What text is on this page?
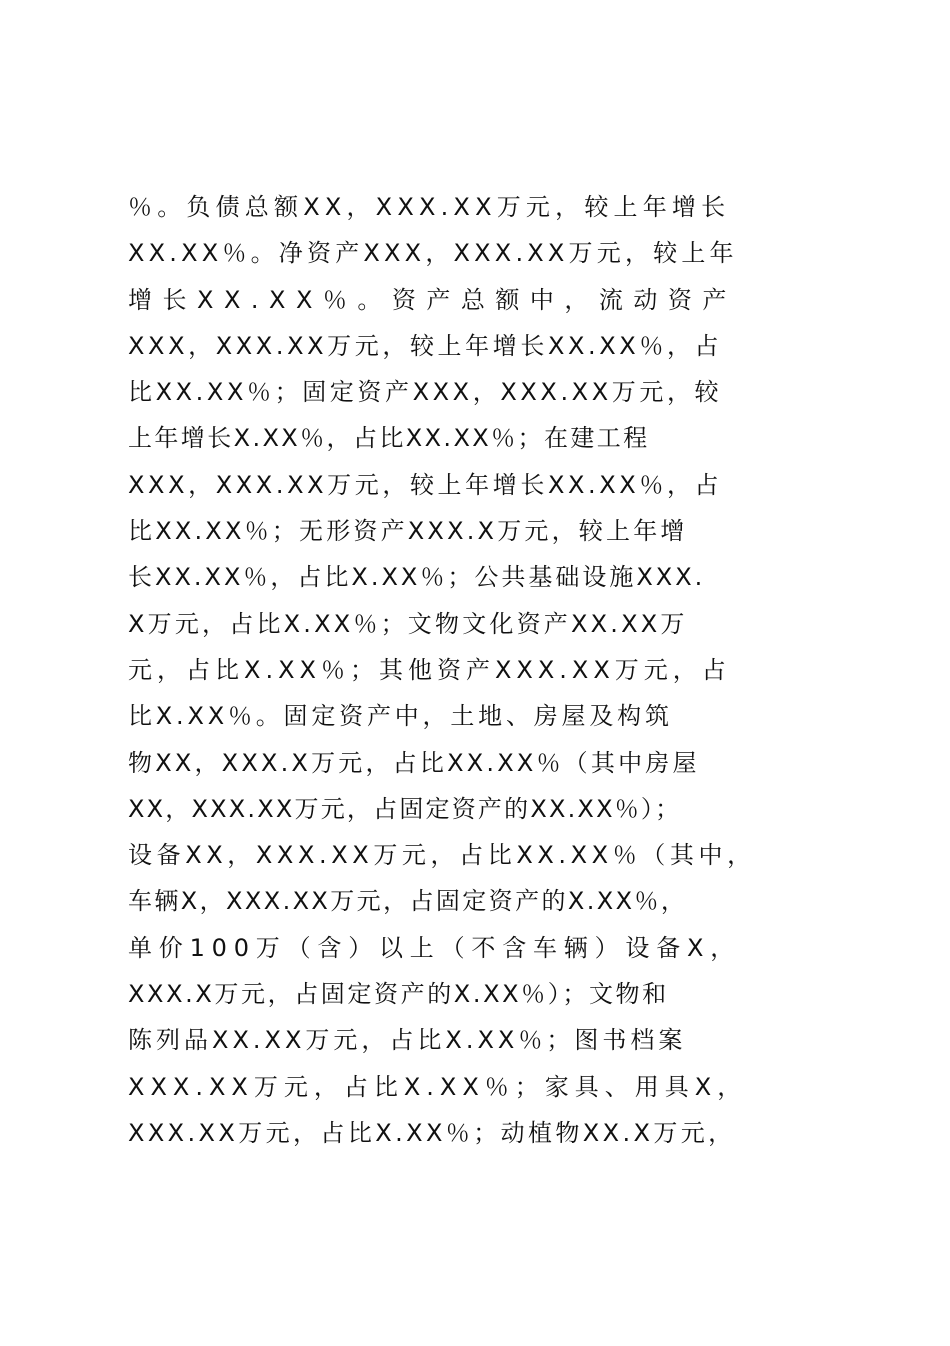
％。负债总额XX，XXX.XX万元，较上年增长
XX.XX％。净资产XXX，XXX.XX万元，较上年
增长XX.XX％。资产总额中，流动资产
XXX，XXX.XX万元，较上年增长XX.XX％，占
比XX.XX％；固定资产XXX，XXX.XX万元，较
上年增长X.XX％，占比XX.XX％；在建工程
XXX，XXX.XX万元，较上年增长XX.XX％，占
比XX.XX％；无形资产XXX.X万元，较上年增
长XX.XX％，占比X.XX％；公共基础设施XXX.
X万元，占比X.XX％；文物文化资产XX.XX万
元，占比X.XX％；其他资产XXX.XX万元，占
比X.XX％。固定资产中，土地、房屋及构筑
物XX，XXX.X万元，占比XX.XX％（其中房屋
XX，XXX.XX万元，占固定资产的XX.XX％）；
设备XX，XXX.XX万元，占比XX.XX％（其中，
车辆X，XXX.XX万元，占固定资产的X.XX％，
单价100万（含）以上（不含车辆）设备X，
XXX.X万元，占固定资产的X.XX％）；文物和
陈列品XX.XX万元，占比X.XX％；图书档案
XXX.XX万元，占比X.XX％；家具、用具X，
XXX.XX万元，占比X.XX％；动植物XX.X万元，
